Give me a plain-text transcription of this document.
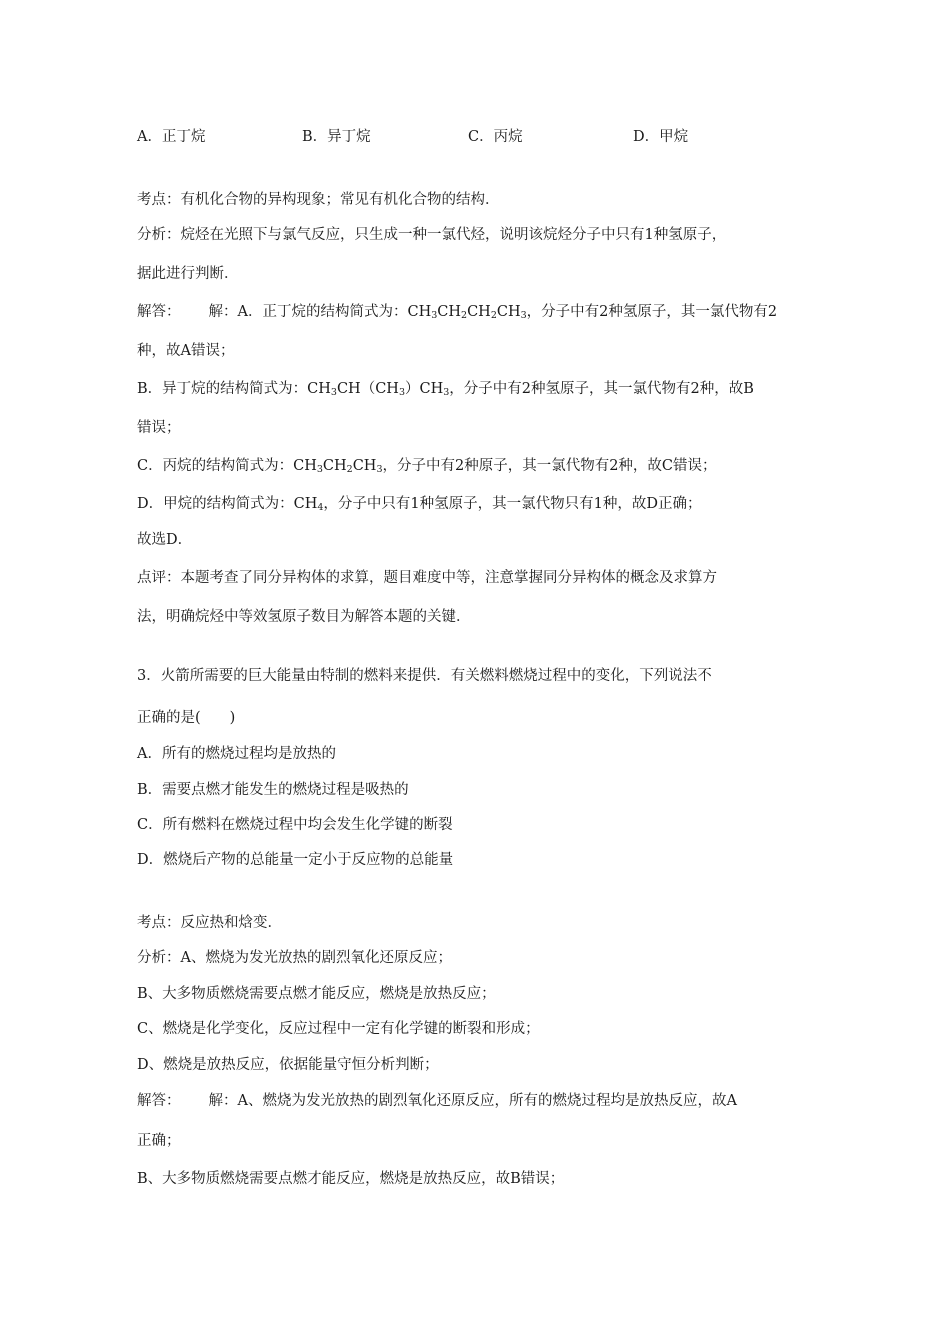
A．正丁烷	B．异丁烷	C．丙烷	D．甲烷
考点：有机化合物的异构现象；常见有机化合物的结构．
分析：烷烃在光照下与氯气反应，只生成一种一氯代烃，说明该烷烃分子中只有1种氢原子，
据此进行判断．
解答： 解：A．正丁烷的结构简式为：$CH_3CH_2CH_2CH_3$，分子中有2种氢原子，其一氯代物有2
种，故A错误；
B．异丁烷的结构简式为：$CH_3CH(CH_3)CH_3$，分子中有2种氢原子，其一氯代物有2种，故B
错误；
C．丙烷的结构简式为：$CH_3CH_2CH_3$，分子中有2种原子，其一氯代物有2种，故C错误；
D．甲烷的结构简式为：$CH_4$，分子中只有1种氢原子，其一氯代物只有1种，故D正确；
故选D．
点评：本题考查了同分异构体的求算，题目难度中等，注意掌握同分异构体的概念及求算方
法，明确烷烃中等效氢原子数目为解答本题的关键．
3．火箭所需要的巨大能量由特制的燃料来提供．有关燃料燃烧过程中的变化，下列说法不
正确的是(　　)
A．所有的燃烧过程均是放热的
B．需要点燃才能发生的燃烧过程是吸热的
C．所有燃料在燃烧过程中均会发生化学键的断裂
D．燃烧后产物的总能量一定小于反应物的总能量
考点：反应热和焓变．
分析：A、燃烧为发光放热的剧烈氧化还原反应；
B、大多物质燃烧需要点燃才能反应，燃烧是放热反应；
C、燃烧是化学变化，反应过程中一定有化学键的断裂和形成；
D、燃烧是放热反应，依据能量守恒分析判断；
解答： 解：A、燃烧为发光放热的剧烈氧化还原反应，所有的燃烧过程均是放热反应，故A
正确；
B、大多物质燃烧需要点燃才能反应，燃烧是放热反应，故B错误；
